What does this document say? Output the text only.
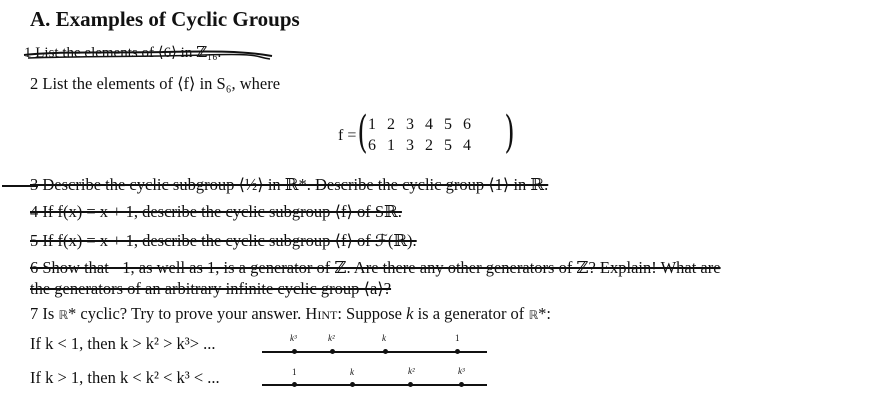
A. Examples of Cyclic Groups
1 List the elements of ⟨6⟩ in ℤ₁₆.
2 List the elements of ⟨f⟩ in S₆, where
f = ( 1 2 3 4 5 6
6 1 3 2 5 4 )
3 Describe the cyclic subgroup ⟨½⟩ in ℝ*. Describe the cyclic group ⟨1⟩ in ℝ.
4 If f(x) = x + 1, describe the cyclic subgroup ⟨f⟩ of Sℝ.
5 If f(x) = x + 1, describe the cyclic subgroup ⟨f⟩ of ℱ(ℝ).
6 Show that −1, as well as 1, is a generator of ℤ. Are there any other generators of ℤ? Explain! What are
the generators of an arbitrary infinite cyclic group ⟨a⟩?
7 Is ℝ* cyclic? Try to prove your answer. Hint: Suppose k is a generator of ℝ*:
If k < 1, then k > k² > k³> ...	k³	k²	k	1
If k > 1, then k < k² < k³ < ...	1	k	k²	k³
